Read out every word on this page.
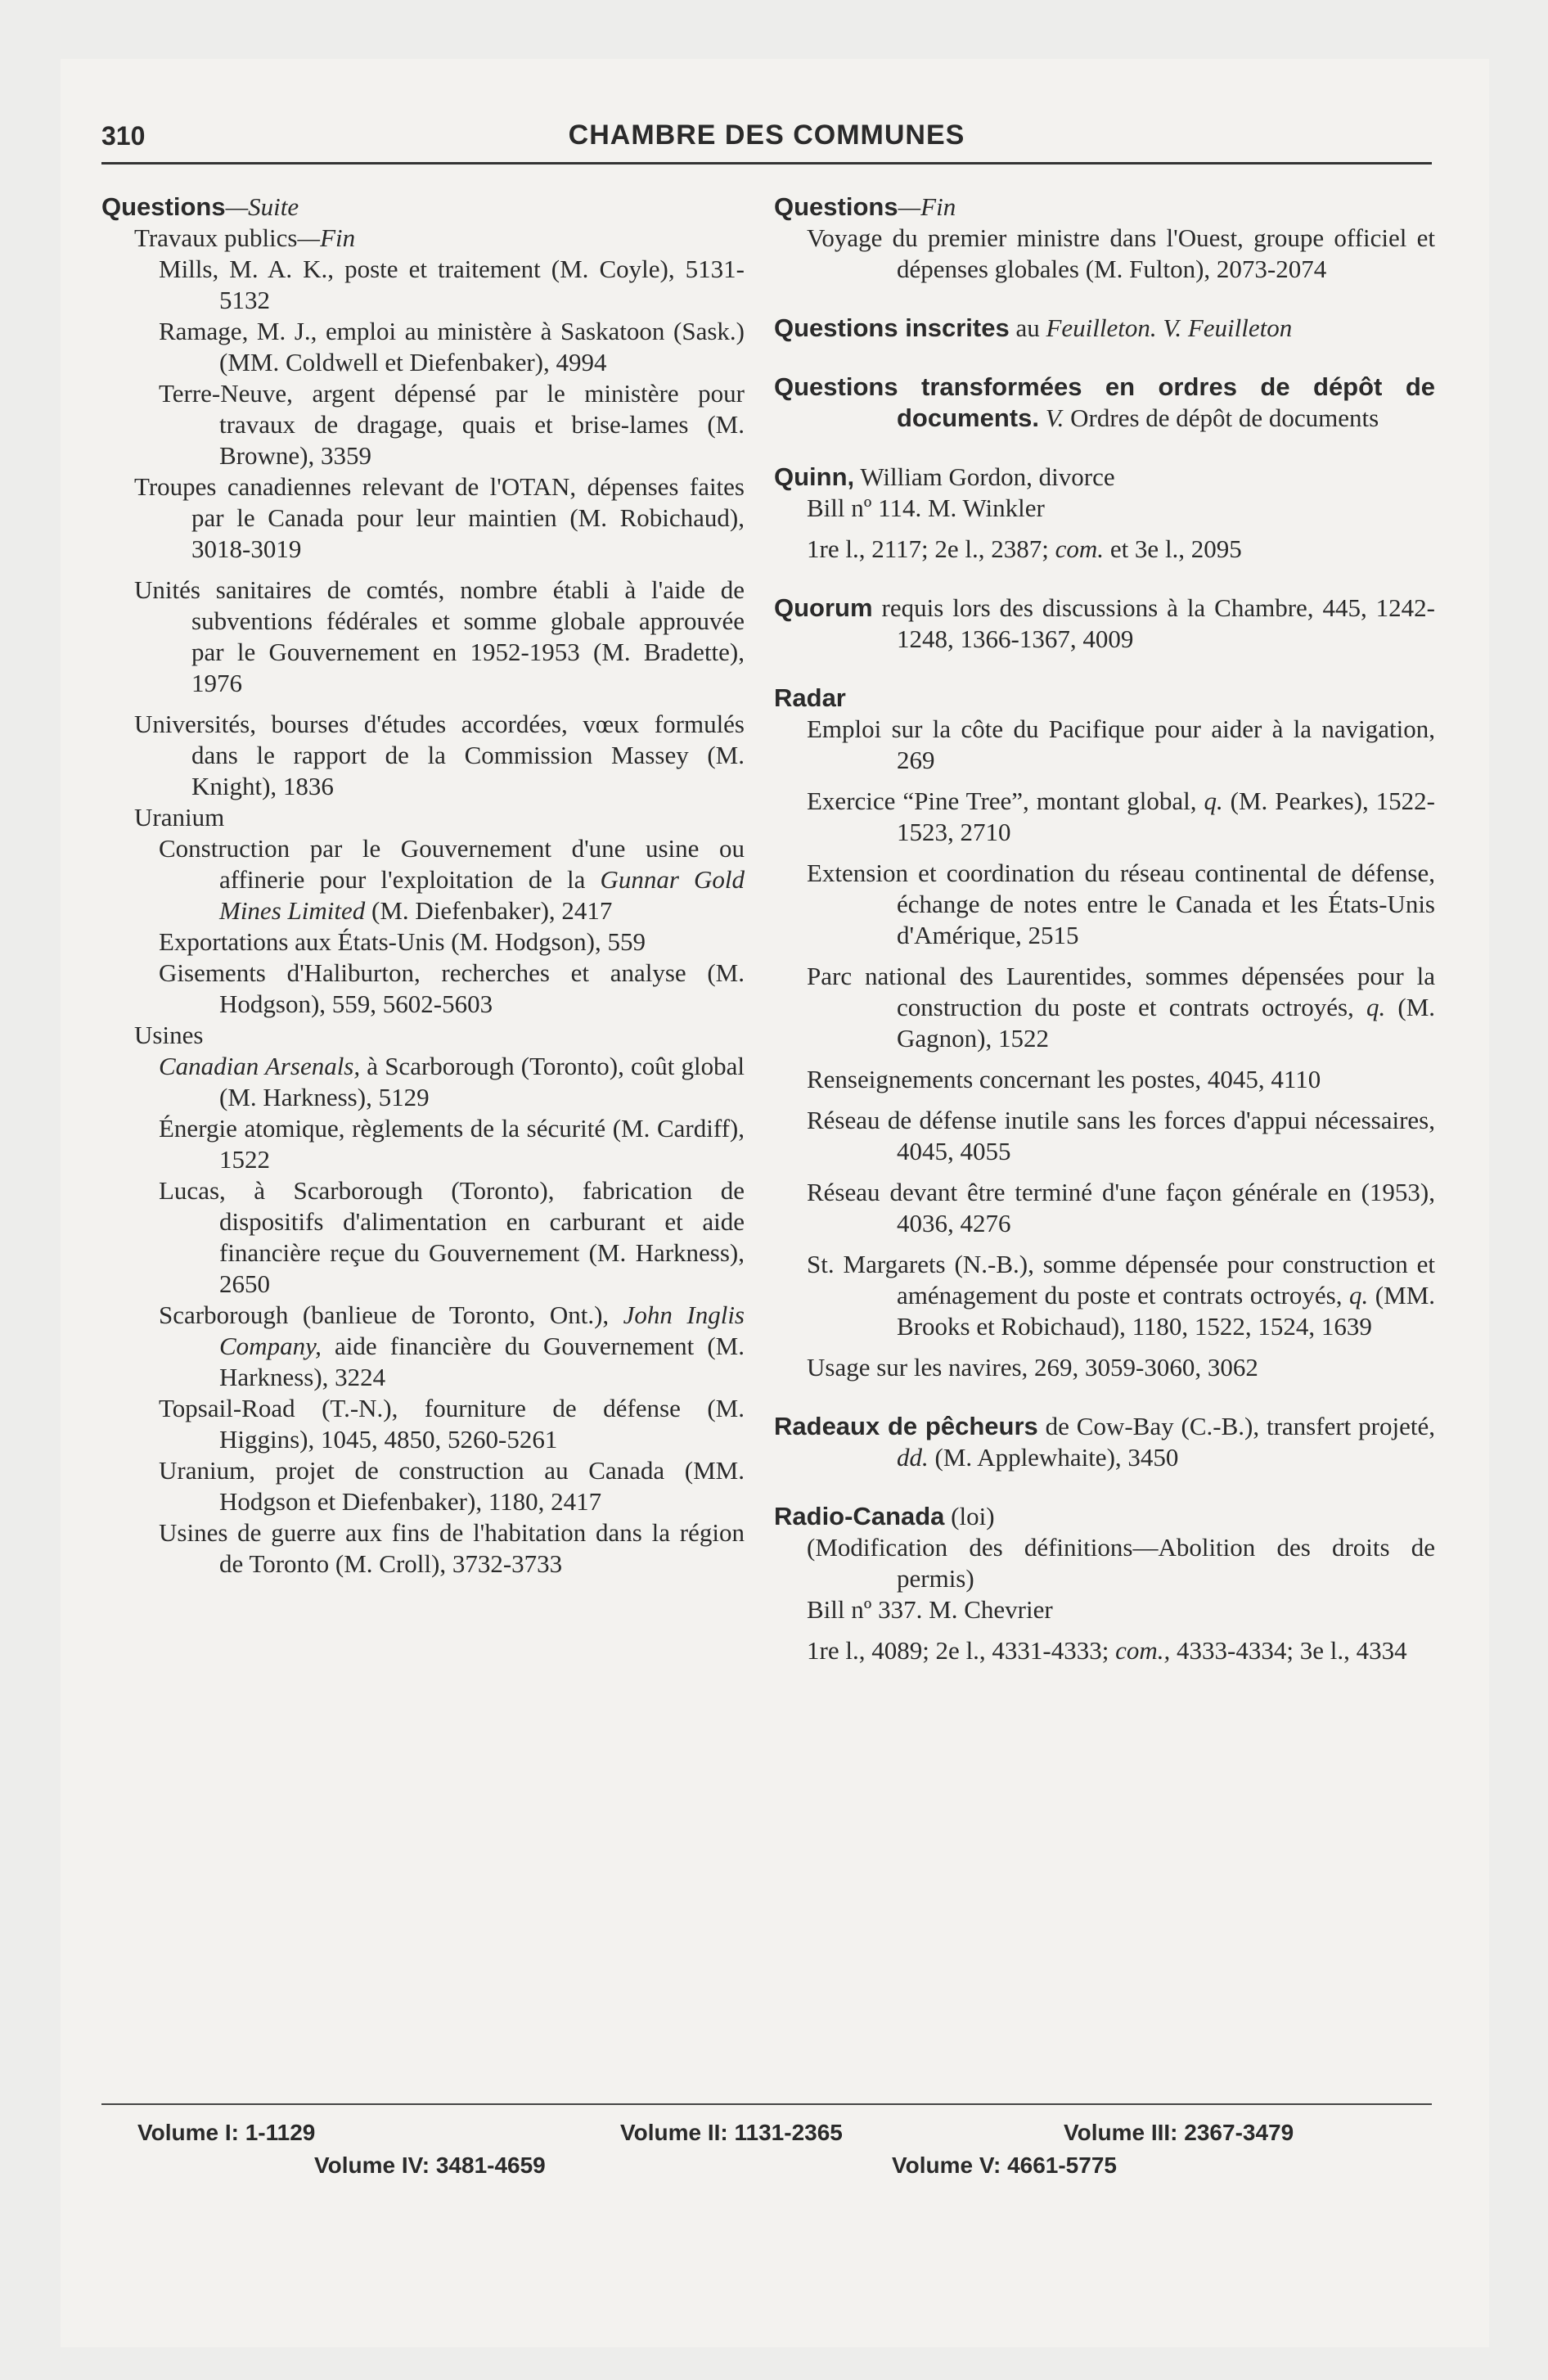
310	CHAMBRE DES COMMUNES
Questions—Suite
Travaux publics—Fin
Mills, M. A. K., poste et traitement (M. Coyle), 5131-5132
Ramage, M. J., emploi au ministère à Saskatoon (Sask.) (MM. Coldwell et Diefenbaker), 4994
Terre-Neuve, argent dépensé par le ministère pour travaux de dragage, quais et brise-lames (M. Browne), 3359
Troupes canadiennes relevant de l'OTAN, dépenses faites par le Canada pour leur maintien (M. Robichaud), 3018-3019
Unités sanitaires de comtés, nombre établi à l'aide de subventions fédérales et somme globale approuvée par le Gouvernement en 1952-1953 (M. Bradette), 1976
Universités, bourses d'études accordées, vœux formulés dans le rapport de la Commission Massey (M. Knight), 1836
Uranium
Construction par le Gouvernement d'une usine ou affinerie pour l'exploitation de la Gunnar Gold Mines Limited (M. Diefenbaker), 2417
Exportations aux États-Unis (M. Hodgson), 559
Gisements d'Haliburton, recherches et analyse (M. Hodgson), 559, 5602-5603
Usines
Canadian Arsenals, à Scarborough (Toronto), coût global (M. Harkness), 5129
Énergie atomique, règlements de la sécurité (M. Cardiff), 1522
Lucas, à Scarborough (Toronto), fabrication de dispositifs d'alimentation en carburant et aide financière reçue du Gouvernement (M. Harkness), 2650
Scarborough (banlieue de Toronto, Ont.), John Inglis Company, aide financière du Gouvernement (M. Harkness), 3224
Topsail-Road (T.-N.), fourniture de défense (M. Higgins), 1045, 4850, 5260-5261
Uranium, projet de construction au Canada (MM. Hodgson et Diefenbaker), 1180, 2417
Usines de guerre aux fins de l'habitation dans la région de Toronto (M. Croll), 3732-3733
Questions—Fin
Voyage du premier ministre dans l'Ouest, groupe officiel et dépenses globales (M. Fulton), 2073-2074
Questions inscrites au Feuilleton. V. Feuilleton
Questions transformées en ordres de dépôt de documents. V. Ordres de dépôt de documents
Quinn, William Gordon, divorce
Bill nº 114. M. Winkler
1re l., 2117; 2e l., 2387; com. et 3e l., 2095
Quorum requis lors des discussions à la Chambre, 445, 1242-1248, 1366-1367, 4009
Radar
Emploi sur la côte du Pacifique pour aider à la navigation, 269
Exercice “Pine Tree”, montant global, q. (M. Pearkes), 1522-1523, 2710
Extension et coordination du réseau continental de défense, échange de notes entre le Canada et les États-Unis d'Amérique, 2515
Parc national des Laurentides, sommes dépensées pour la construction du poste et contrats octroyés, q. (M. Gagnon), 1522
Renseignements concernant les postes, 4045, 4110
Réseau de défense inutile sans les forces d'appui nécessaires, 4045, 4055
Réseau devant être terminé d'une façon générale en (1953), 4036, 4276
St. Margarets (N.-B.), somme dépensée pour construction et aménagement du poste et contrats octroyés, q. (MM. Brooks et Robichaud), 1180, 1522, 1524, 1639
Usage sur les navires, 269, 3059-3060, 3062
Radeaux de pêcheurs de Cow-Bay (C.-B.), transfert projeté, dd. (M. Applewhaite), 3450
Radio-Canada (loi)
(Modification des définitions—Abolition des droits de permis)
Bill nº 337. M. Chevrier
1re l., 4089; 2e l., 4331-4333; com., 4333-4334; 3e l., 4334
Volume I: 1-1129	Volume II: 1131-2365	Volume III: 2367-3479
Volume IV: 3481-4659	Volume V: 4661-5775
